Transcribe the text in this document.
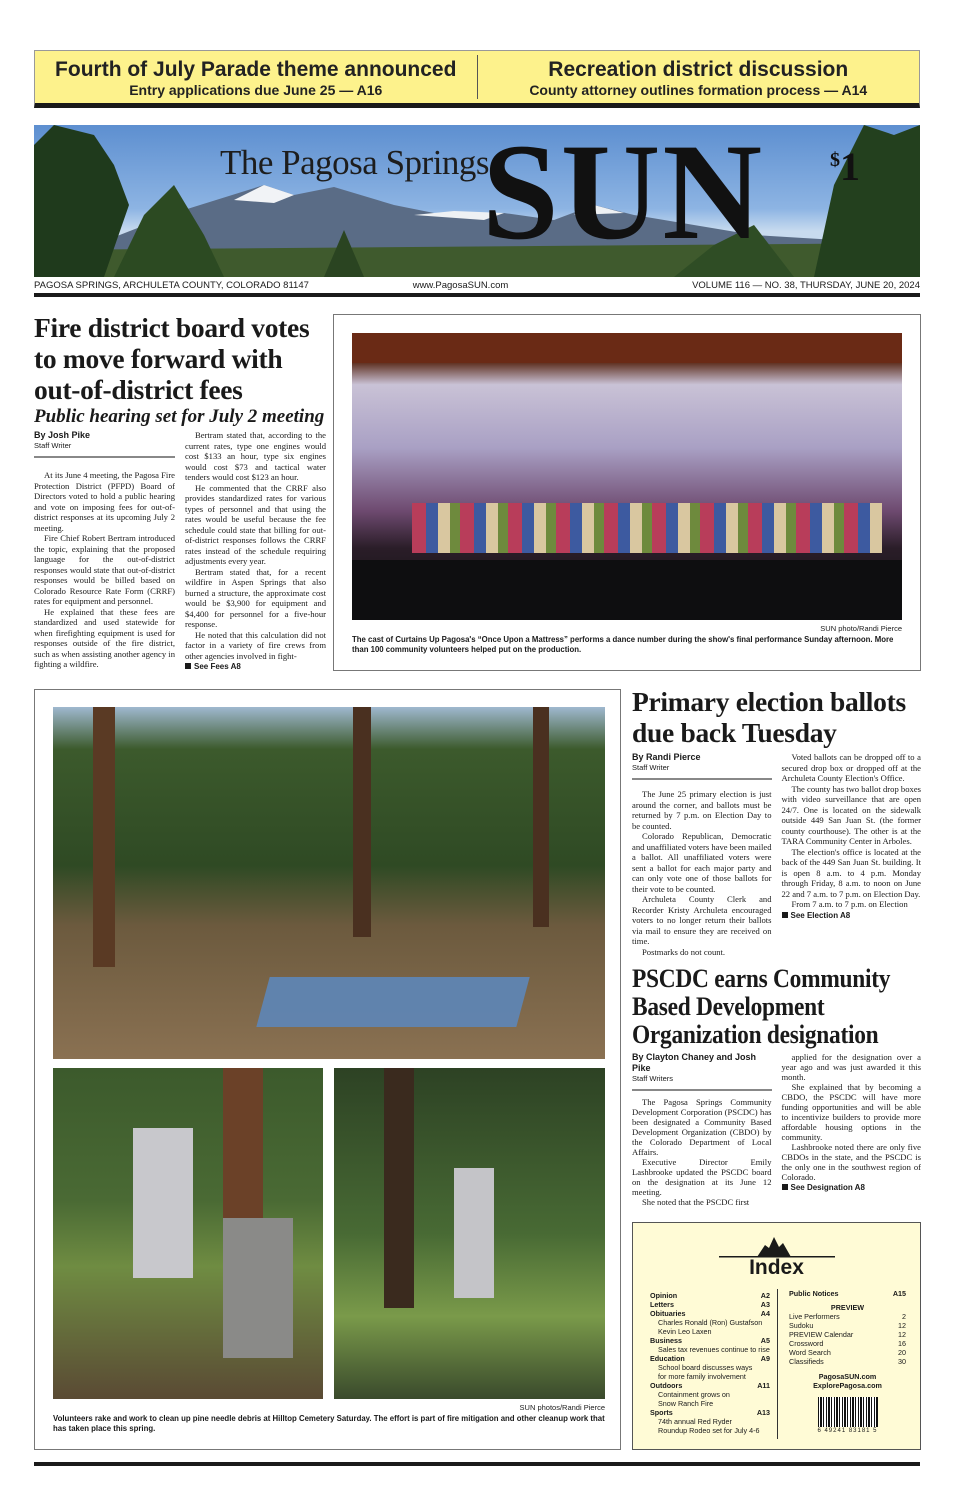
Fourth of July Parade theme announced
Entry applications due June 25 — A16
Recreation district discussion
County attorney outlines formation process — A14
The Pagosa Springs
SUN	$1
PAGOSA SPRINGS, ARCHULETA COUNTY, COLORADO 81147	www.PagosaSUN.com	VOLUME 116 — NO. 38, THURSDAY, JUNE 20, 2024
Fire district board votes to move forward with out-of-district fees
Public hearing set for July 2 meeting
By Josh Pike
Staff Writer

At its June 4 meeting, the Pagosa Fire Protection District (PFPD) Board of Directors voted to hold a public hearing and vote on imposing fees for out-of-district responses at its upcoming July 2 meeting.

Fire Chief Robert Bertram introduced the topic, explaining that the proposed language for the out-of-district responses would state that out-of-district responses would be billed based on Colorado Resource Rate Form (CRRF) rates for equipment and personnel.

He explained that these fees are standardized and used statewide for when firefighting equipment is used for responses outside of the fire district, such as when assisting another agency in fighting a wildfire.

Bertram stated that, according to the current rates, type one engines would cost $133 an hour, type six engines would cost $73 and tactical water tenders would cost $123 an hour.

He commented that the CRRF also provides standardized rates for various types of personnel and that using the rates would be useful because the fee schedule could state that billing for out-of-district responses follows the CRRF rates instead of the schedule requiring adjustments every year.

Bertram stated that, for a recent wildfire in Aspen Springs that also burned a structure, the approximate cost would be $3,900 for equipment and $4,400 for personnel for a five-hour response.

He noted that this calculation did not factor in a variety of fire crews from other agencies involved in fight-

See Fees A8
SUN photo/Randi Pierce
The cast of Curtains Up Pagosa's “Once Upon a Mattress” performs a dance number during the show's final performance Sunday afternoon. More than 100 community volunteers helped put on the production.
SUN photos/Randi Pierce
Volunteers rake and work to clean up pine needle debris at Hilltop Cemetery Saturday. The effort is part of fire mitigation and other cleanup work that has taken place this spring.
Primary election ballots due back Tuesday
By Randi Pierce
Staff Writer

The June 25 primary election is just around the corner, and ballots must be returned by 7 p.m. on Election Day to be counted.

Colorado Republican, Democratic and unaffiliated voters have been mailed a ballot. All unaffiliated voters were sent a ballot for each major party and can only vote one of those ballots for their vote to be counted.

Archuleta County Clerk and Recorder Kristy Archuleta encouraged voters to no longer return their ballots via mail to ensure they are received on time.

Postmarks do not count.

Voted ballots can be dropped off to a secured drop box or dropped off at the Archuleta County Election's Office.

The county has two ballot drop boxes with video surveillance that are open 24/7. One is located on the sidewalk outside 449 San Juan St. (the former county courthouse). The other is at the TARA Community Center in Arboles.

The election's office is located at the back of the 449 San Juan St. building. It is open 8 a.m. to 4 p.m. Monday through Friday, 8 a.m. to noon on June 22 and 7 a.m. to 7 p.m. on Election Day.

From 7 a.m. to 7 p.m. on Election

See Election A8
PSCDC earns Community Based Development Organization designation
By Clayton Chaney and Josh Pike
Staff Writers

The Pagosa Springs Community Development Corporation (PSCDC) has been designated a Community Based Development Organization (CBDO) by the Colorado Department of Local Affairs.

Executive Director Emily Lashbrooke updated the PSCDC board on the designation at its June 12 meeting.

She noted that the PSCDC first

applied for the designation over a year ago and was just awarded it this month.

She explained that by becoming a CBDO, the PSCDC will have more funding opportunities and will be able to incentivize builders to provide more affordable housing options in the community.

Lashbrooke noted there are only five CBDOs in the state, and the PSCDC is the only one in the southwest region of Colorado.

See Designation A8
Index
Opinion	A2
Letters	A3
Obituaries	A4
Charles Ronald (Ron) Gustafson
Kevin Leo Laxen
Business	A5
Sales tax revenues continue to rise
Education	A9
School board discusses ways
for more family involvement
Outdoors	A11
Containment grows on
Snow Ranch Fire
Sports	A13
74th annual Red Ryder
Roundup Rodeo set for July 4-6
Public Notices	A15
PREVIEW
Live Performers	2
Sudoku	12
PREVIEW Calendar	12
Crossword	16
Word Search	20
Classifieds	30
PagosaSUN.com
ExplorePagosa.com
6 49241 83181 5
